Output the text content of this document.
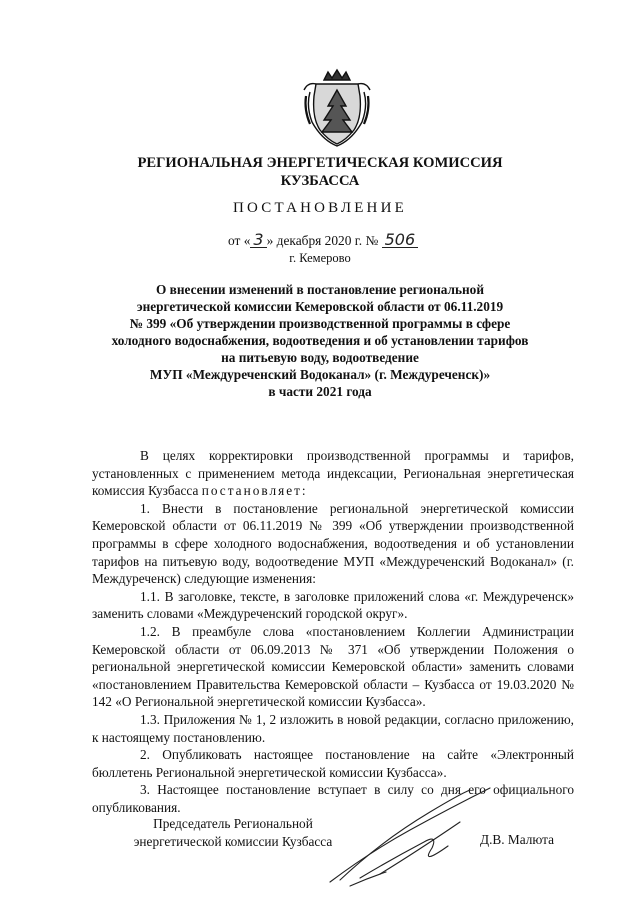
РЕГИОНАЛЬНАЯ ЭНЕРГЕТИЧЕСКАЯ КОМИССИЯ
КУЗБАССА
ПОСТАНОВЛЕНИЕ
от « 3 » декабря 2020 г. № 506
г. Кемерово
О внесении изменений в постановление региональной
энергетической комиссии Кемеровской области от 06.11.2019
№ 399 «Об утверждении производственной программы в сфере
холодного водоснабжения, водоотведения и об установлении тарифов
на питьевую воду, водоотведение
МУП «Междуреченский Водоканал» (г. Междуреченск)»
в части 2021 года

В целях корректировки производственной программы и тарифов, установленных с применением метода индексации, Региональная энергетическая комиссия Кузбасса постановляет:

1. Внести в постановление региональной энергетической комиссии Кемеровской области от 06.11.2019 № 399 «Об утверждении производственной программы в сфере холодного водоснабжения, водоотведения и об установлении тарифов на питьевую воду, водоотведение МУП «Междуреченский Водоканал» (г. Междуреченск) следующие изменения:

1.1. В заголовке, тексте, в заголовке приложений слова «г. Междуреченск» заменить словами «Междуреченский городской округ».

1.2. В преамбуле слова «постановлением Коллегии Администрации Кемеровской области от 06.09.2013 № 371 «Об утверждении Положения о региональной энергетической комиссии Кемеровской области» заменить словами «постановлением Правительства Кемеровской области – Кузбасса от 19.03.2020 № 142 «О Региональной энергетической комиссии Кузбасса».

1.3. Приложения № 1, 2 изложить в новой редакции, согласно приложению, к настоящему постановлению.

2. Опубликовать настоящее постановление на сайте «Электронный бюллетень Региональной энергетической комиссии Кузбасса».

3. Настоящее постановление вступает в силу со дня его официального опубликования.

Председатель Региональной
энергетической комиссии Кузбасса	Д.В. Малюта
